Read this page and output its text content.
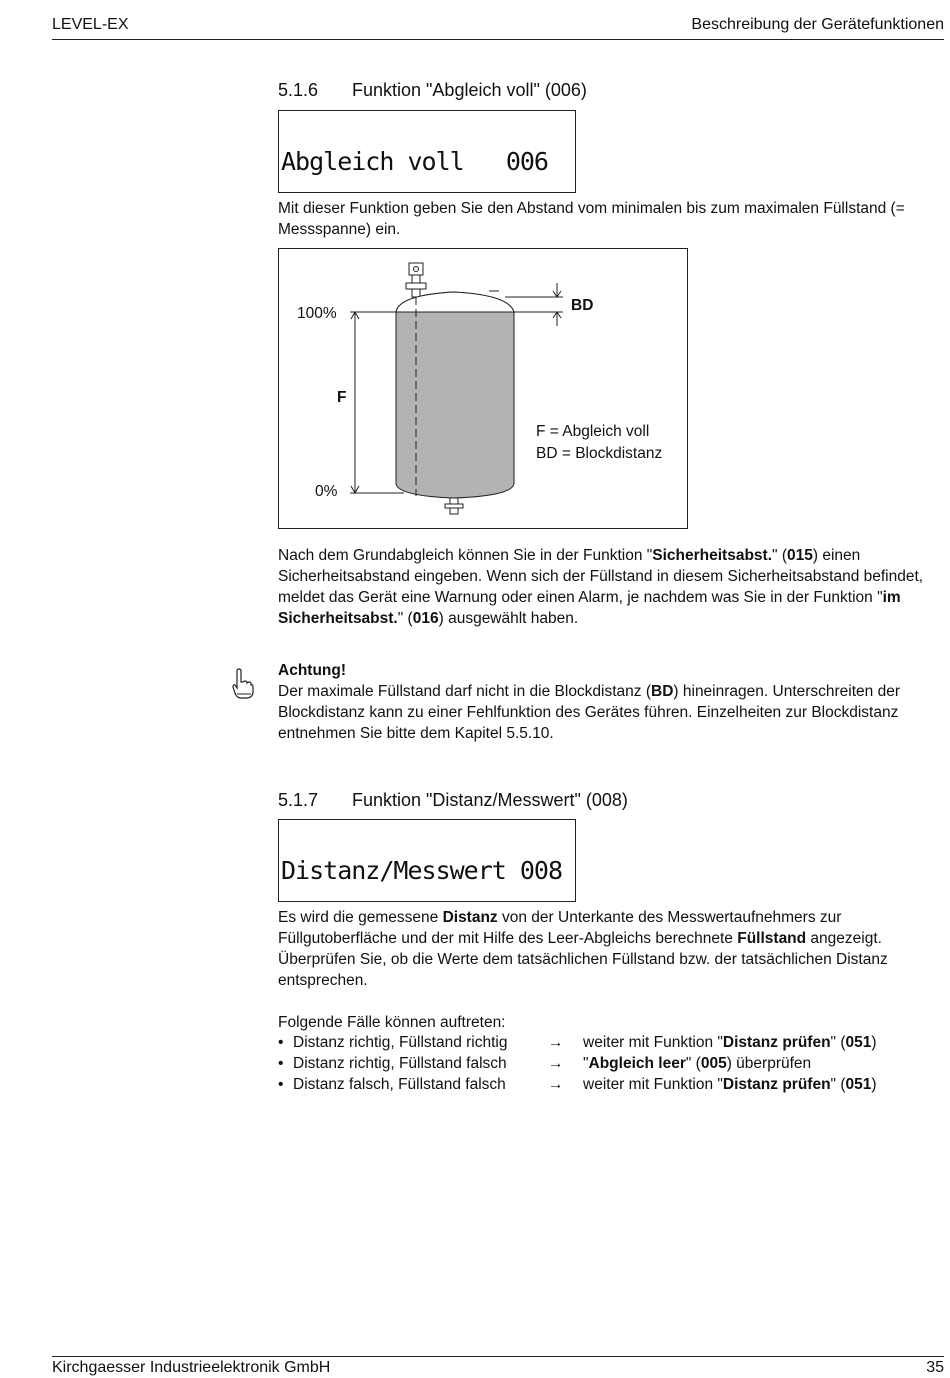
LEVEL-EX	Beschreibung der Gerätefunktionen
5.1.6 Funktion "Abgleich voll" (006)

Abgleich voll   006

Mit dieser Funktion geben Sie den Abstand vom minimalen bis zum maximalen Füllstand (= Messspanne) ein.
100%
0%
F
BD
F = Abgleich voll
BD = Blockdistanz
Nach dem Grundabgleich können Sie in der Funktion "Sicherheitsabst." (015) einen Sicherheitsabstand eingeben. Wenn sich der Füllstand in diesem Sicherheitsabstand befindet, meldet das Gerät eine Warnung oder einen Alarm, je nachdem was Sie in der Funktion "im Sicherheitsabst." (016) ausgewählt haben.
Achtung!
Der maximale Füllstand darf nicht in die Blockdistanz (BD) hineinragen. Unterschreiten der Blockdistanz kann zu einer Fehlfunktion des Gerätes führen. Einzelheiten zur Blockdistanz entnehmen Sie bitte dem Kapitel 5.5.10.
5.1.7 Funktion "Distanz/Messwert" (008)

Distanz/Messwert 008

Es wird die gemessene Distanz von der Unterkante des Messwertaufnehmers zur Füllgutoberfläche und der mit Hilfe des Leer-Abgleichs berechnete Füllstand angezeigt. Überprüfen Sie, ob die Werte dem tatsächlichen Füllstand bzw. der tatsächlichen Distanz entsprechen.
Folgende Fälle können auftreten:
• Distanz richtig, Füllstand richtig	→ weiter mit Funktion "Distanz prüfen" (051)
• Distanz richtig, Füllstand falsch	→ "Abgleich leer" (005) überprüfen
• Distanz falsch, Füllstand falsch	→ weiter mit Funktion "Distanz prüfen" (051)
Kirchgaesser Industrieelektronik GmbH	35
